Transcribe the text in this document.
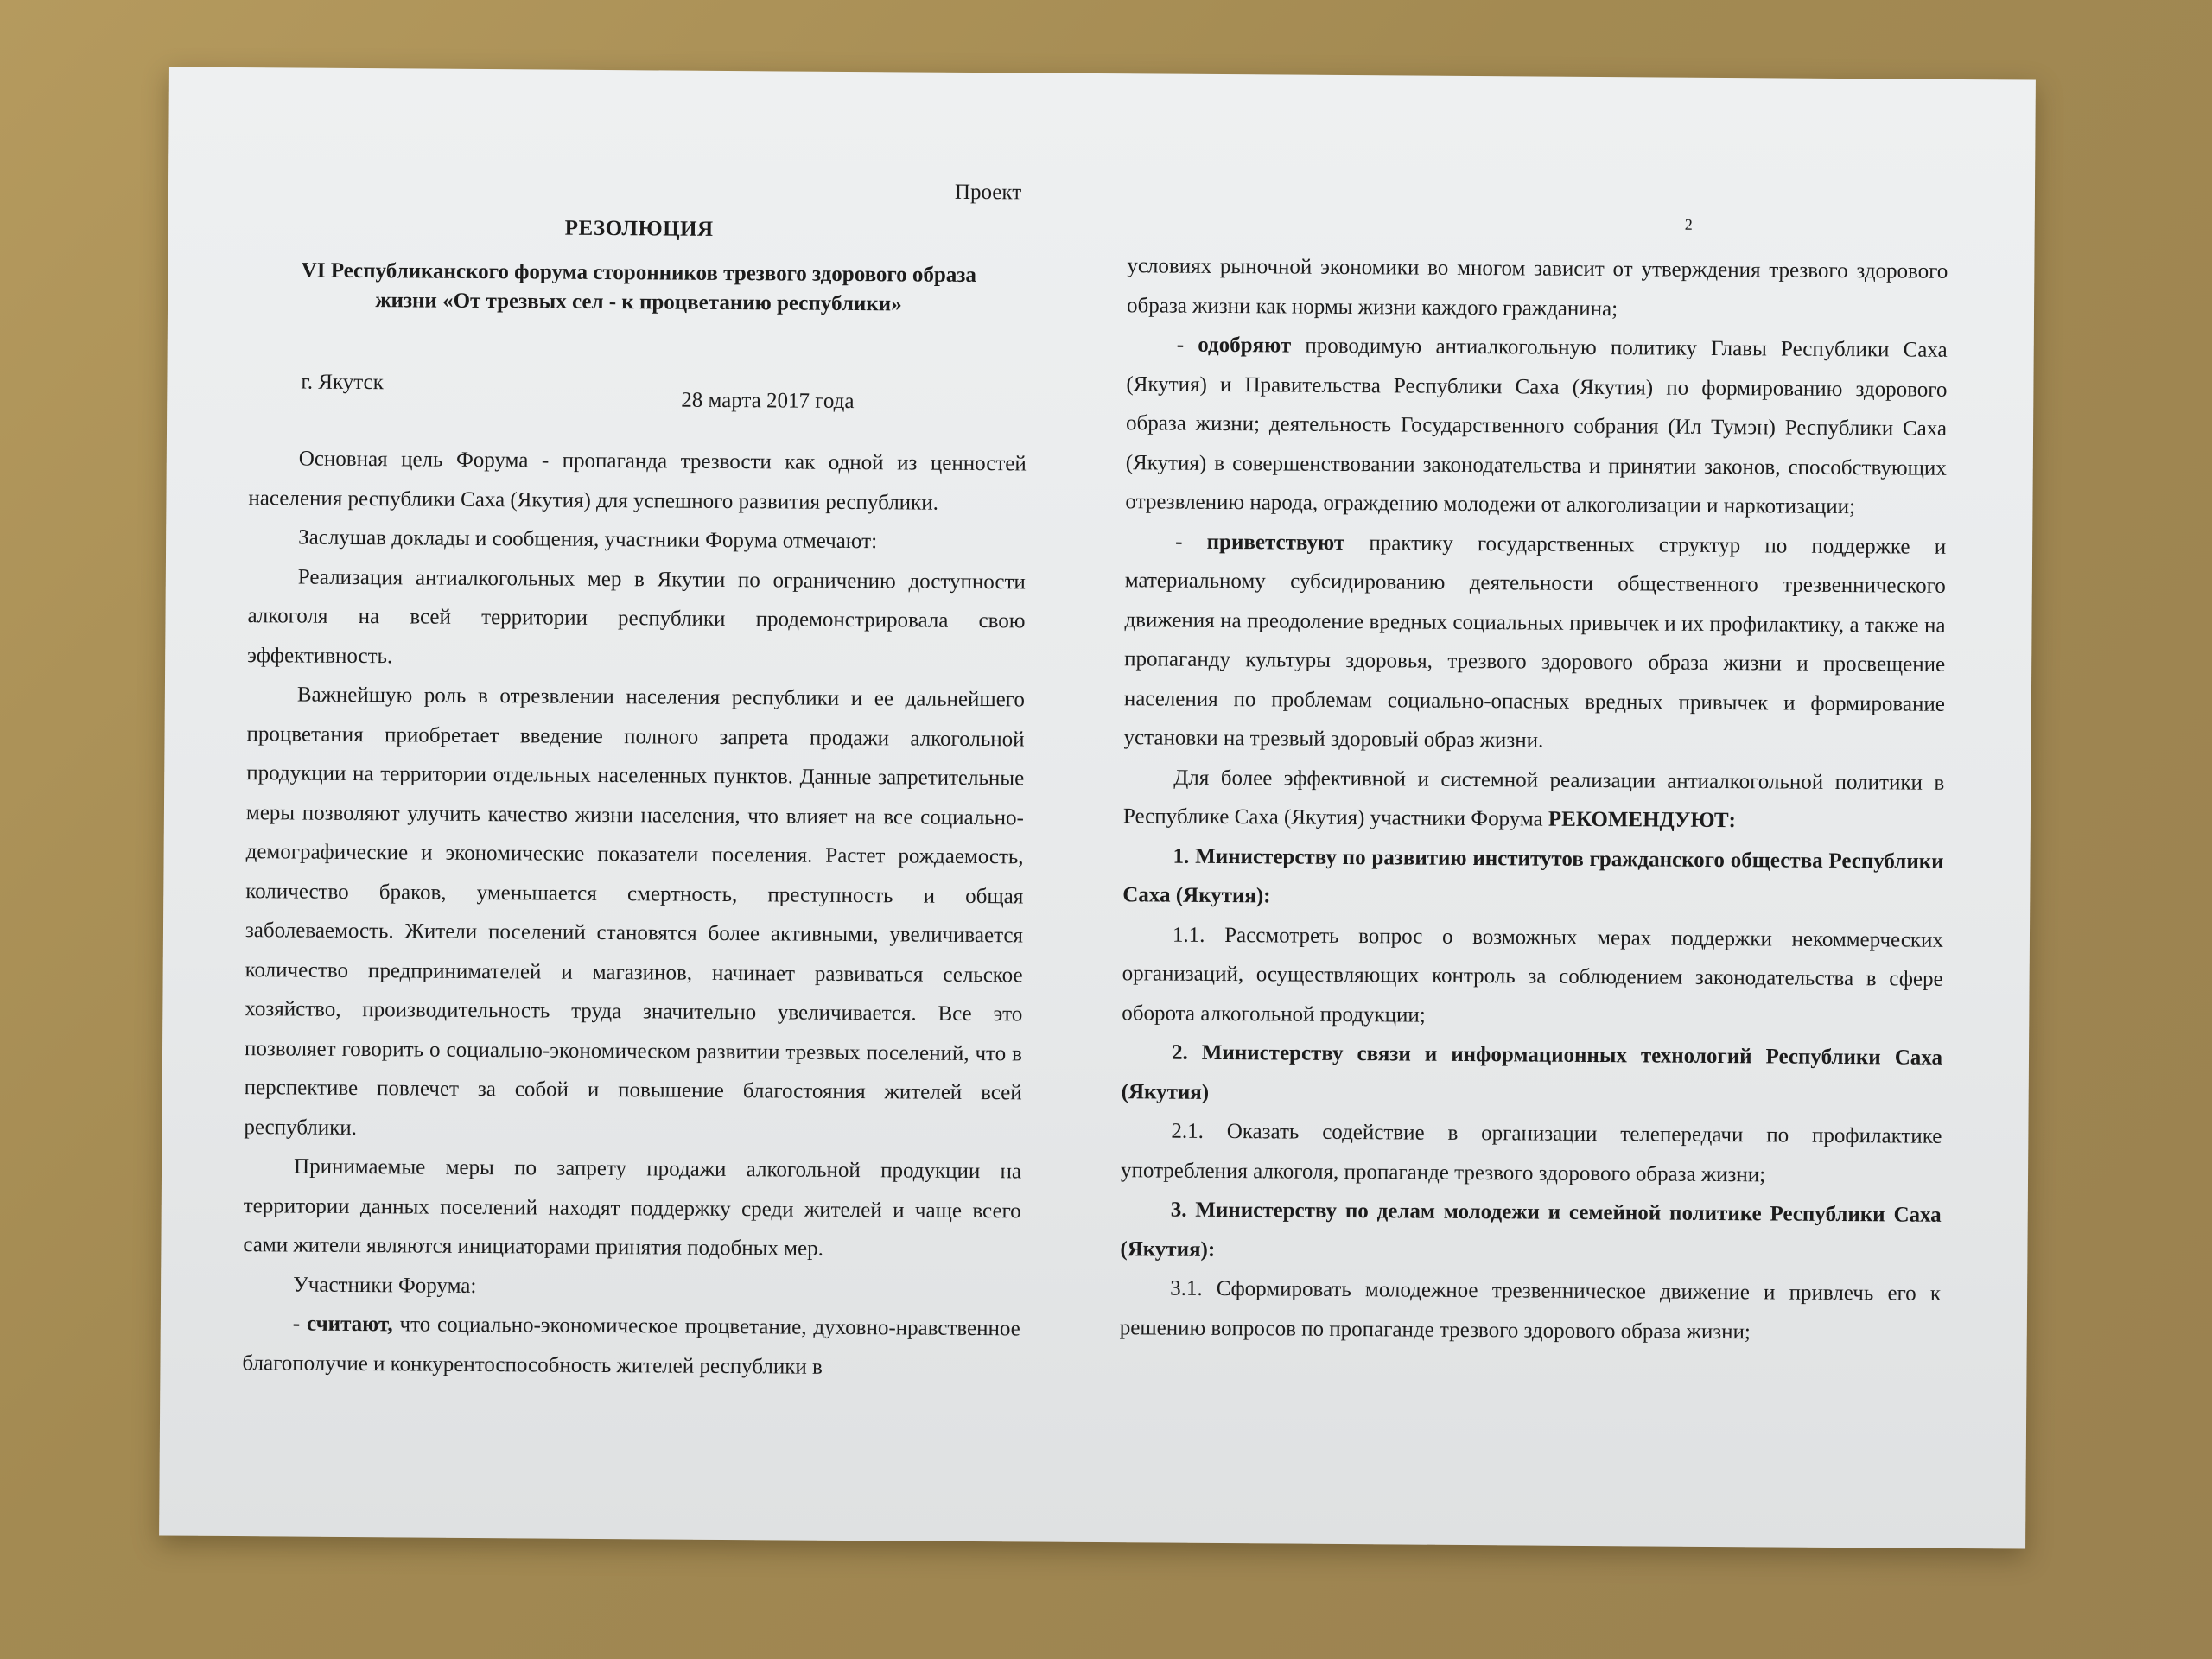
Проект
2
РЕЗОЛЮЦИЯ
VI Республиканского форума сторонников трезвого здорового образа
жизни «От трезвых сел - к процветанию республики»
г. Якутск
28 марта 2017 года

Основная цель Форума - пропаганда трезвости как одной из ценностей населения республики Саха (Якутия) для успешного развития республики.

Заслушав доклады и сообщения, участники Форума отмечают:

Реализация антиалкогольных мер в Якутии по ограничению доступности алкоголя на всей территории республики продемонстрировала свою эффективность.

Важнейшую роль в отрезвлении населения республики и ее дальнейшего процветания приобретает введение полного запрета продажи алкогольной продукции на территории отдельных населенных пунктов. Данные запретительные меры позволяют улучить качество жизни населения, что влияет на все социально-демографические и экономические показатели поселения. Растет рождаемость, количество браков, уменьшается смертность, преступность и общая заболеваемость. Жители поселений становятся более активными, увеличивается количество предпринимателей и магазинов, начинает развиваться сельское хозяйство, производительность труда значительно увеличивается. Все это позволяет говорить о социально-экономическом развитии трезвых поселений, что в перспективе повлечет за собой и повышение благостояния жителей всей республики.

Принимаемые меры по запрету продажи алкогольной продукции на территории данных поселений находят поддержку среди жителей и чаще всего сами жители являются инициаторами принятия подобных мер.

Участники Форума:

- считают, что социально-экономическое процветание, духовно-нравственное благополучие и конкурентоспособность жителей республики в

условиях рыночной экономики во многом зависит от утверждения трезвого здорового образа жизни как нормы жизни каждого гражданина;

- одобряют проводимую антиалкогольную политику Главы Республики Саха (Якутия) и Правительства Республики Саха (Якутия) по формированию здорового образа жизни; деятельность Государственного собрания (Ил Тумэн) Республики Саха (Якутия) в совершенствовании законодательства и принятии законов, способствующих отрезвлению народа, ограждению молодежи от алкоголизации и наркотизации;

- приветствуют практику государственных структур по поддержке и материальному субсидированию деятельности общественного трезвеннического движения на преодоление вредных социальных привычек и их профилактику, а также на пропаганду культуры здоровья, трезвого здорового образа жизни и просвещение населения по проблемам социально-опасных вредных привычек и формирование установки на трезвый здоровый образ жизни.

Для более эффективной и системной реализации антиалкогольной политики в Республике Саха (Якутия) участники Форума РЕКОМЕНДУЮТ:

1. Министерству по развитию институтов гражданского общества Республики Саха (Якутия):

1.1. Рассмотреть вопрос о возможных мерах поддержки некоммерческих организаций, осуществляющих контроль за соблюдением законодательства в сфере оборота алкогольной продукции;

2. Министерству связи и информационных технологий Республики Саха (Якутия)

2.1. Оказать содействие в организации телепередачи по профилактике употребления алкоголя, пропаганде трезвого здорового образа жизни;

3. Министерству по делам молодежи и семейной политике Республики Саха (Якутия):

3.1. Сформировать молодежное трезвенническое движение и привлечь его к решению вопросов по пропаганде трезвого здорового образа жизни;
